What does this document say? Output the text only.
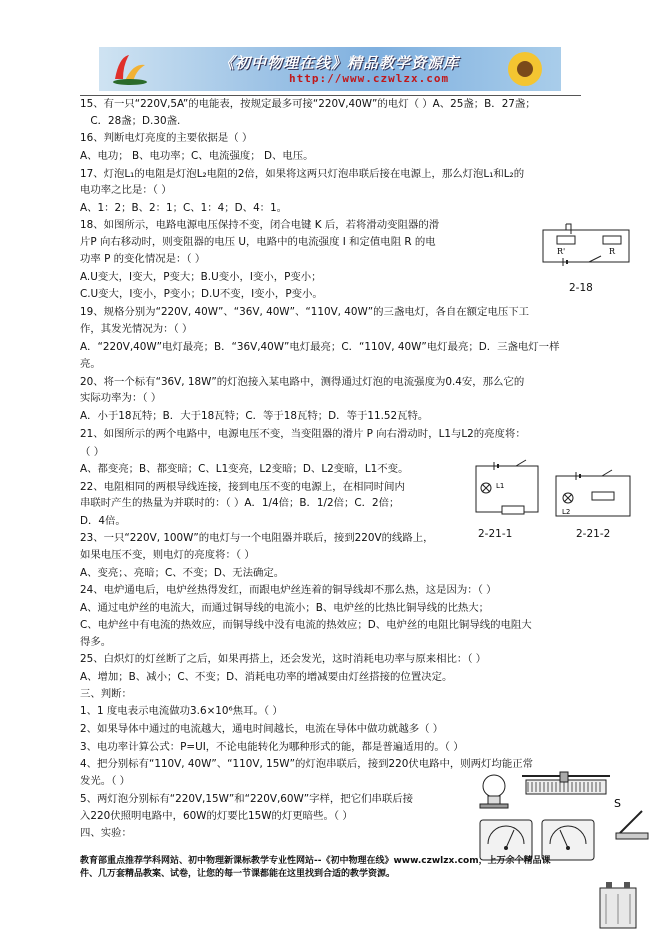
《初中物理在线》精品教学资源库
http://www.czwlzx.com
15、有一只“220V,5A”的电能表，按规定最多可接“220V,40W”的电灯（ ）A、25盏；B．27盏；
　C．28盏；D.30盏.
16、判断电灯亮度的主要依据是（ ）
A、电功； B、电功率；C、电流强度； D、电压。
17、灯泡L₁的电阻是灯泡L₂电阻的2倍，如果将这两只灯泡串联后接在电源上，那么灯泡L₁和L₂的
电功率之比是：（ ）
A、1：2；B、2：1；C、1：4；D、4：1。
18、如图所示，电路电源电压保持不变，闭合电键 K 后，若将滑动变阻器的滑
片P 向右移动时，则变阻器的电压 U，电路中的电流强度 I 和定值电阻 R 的电
功率 P 的变化情况是：（ ）
A.U变大，I变大，P变大；B.U变小，I变小，P变小；
C.U变大，I变小，P变小；D.U不变，I变小，P变小。
19、规格分别为“220V, 40W”、“36V, 40W”、“110V, 40W”的三盏电灯，各自在额定电压下工
作，其发光情况为：（ ）
A．“220V,40W”电灯最亮；B．“36V,40W”电灯最亮；C．“110V, 40W”电灯最亮；D．三盏电灯一样
亮。
20、将一个标有“36V, 18W”的灯泡接入某电路中，测得通过灯泡的电流强度为0.4安，那么它的
实际功率为：（ ）
A．小于18瓦特；B．大于18瓦特；C．等于18瓦特；D．等于11.52瓦特。
21、如图所示的两个电路中，电源电压不变，当变阻器的滑片 P 向右滑动时，L1与L2的亮度将：
（ ）
A、都变亮；B、都变暗；C、L1变亮，L2变暗；D、L2变暗，L1不变。
22、电阻相同的两根导线连接，接到电压不变的电源上，在相同时间内
串联时产生的热量为并联时的：（ ）A．1/4倍；B．1/2倍；C．2倍；
D．4倍。
23、一只“220V, 100W”的电灯与一个电阻器并联后，接到220V的线路上，
如果电压不变，则电灯的亮度将：（ ）
A、变亮；、亮暗；C、不变；D、无法确定。
24、电炉通电后，电炉丝热得发红，而跟电炉丝连着的铜导线却不那么热，这是因为：（ ）
A、通过电炉丝的电流大，而通过铜导线的电流小；B、电炉丝的比热比铜导线的比热大；
C、电炉丝中有电流的热效应，而铜导线中没有电流的热效应；D、电炉丝的电阻比铜导线的电阻大
得多。
25、白炽灯的灯丝断了之后，如果再搭上，还会发光，这时消耗电功率与原来相比：（ ）
A、增加；B、减小；C、不变；D、消耗电功率的增减要由灯丝搭接的位置决定。
三、判断：
1、1 度电表示电流做功3.6×10⁶焦耳。（ ）
2、如果导体中通过的电流越大，通电时间越长，电流在导体中做功就越多（ ）
3、电功率计算公式：P=UI，不论电能转化为哪种形式的能，都是普遍适用的。（ ）
4、把分别标有“110V, 40W”、“110V, 15W”的灯泡串联后，接到220伏电路中，则两灯均能正常
发光。（ ）
5、两灯泡分别标有“220V,15W”和“220V,60W”字样，把它们串联后接
入220伏照明电路中，60W的灯要比15W的灯更暗些。（ ）
四、实验：
R'	R
2-18
L1
2-21-1
L2
2-21-2
S
教育部重点推荐学科网站、初中物理新课标教学专业性网站--《初中物理在线》www.czwlzx.com，上万余个精品课
件、几万套精品教案、试卷，让您的每一节课都能在这里找到合适的教学资源。
